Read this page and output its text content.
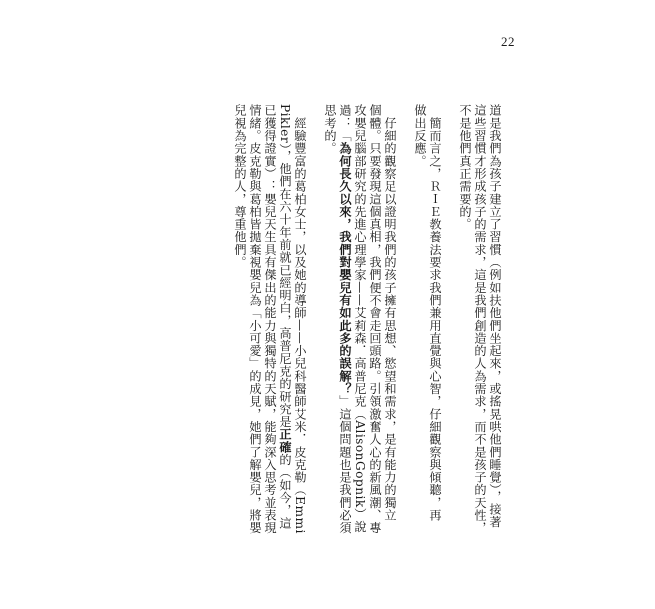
22
道是我們為孩子建立了習慣（例如扶他們坐起來，或搖晃哄他們睡覺），接著
這些習慣才形成孩子的需求，這是我們創造的人為需求，而不是孩子的天性，
不是他們真正需要的。
　簡而言之，ＲＩＥ教養法要求我們兼用直覺與心智，仔細觀察與傾聽，再
做出反應。
　仔細的觀察足以證明我們的孩子擁有思想、慾望和需求，是有能力的獨立
個體。只要發現這個真相，我們便不會走回頭路。引領激奮人心的新風潮、專
攻嬰兒腦部研究的先進心理學家——艾莉森．高普尼克（AlisonGopnik）說
過：「為何長久以來，我們對嬰兒有如此多的誤解？」這個問題也是我們必須
思考的。
　經驗豐富的葛柏女士，以及她的導師——小兒科醫師艾米．皮克勒（Emmi
Pikler），他們在六十年前就已經明白，高普尼克的研究是正確的（如今，這
已獲得證實）：嬰兒天生具有傑出的能力與獨特的天賦，能夠深入思考並表現
情緒。皮克勒與葛柏皆拋棄視嬰兒為「小可愛」的成見，她們了解嬰兒，將嬰
兒視為完整的人，尊重他們。
